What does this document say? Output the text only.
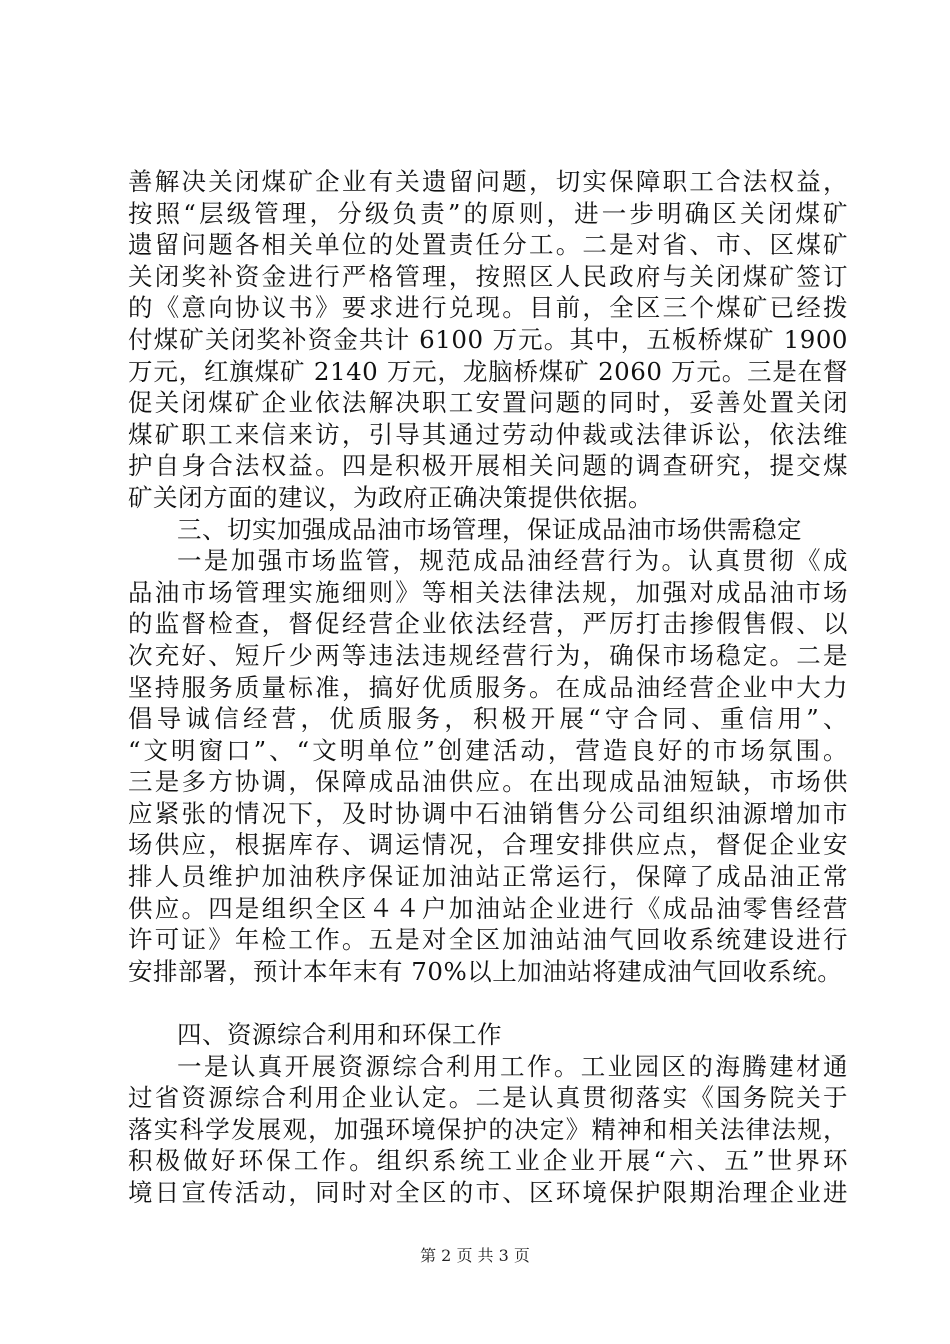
善解决关闭煤矿企业有关遗留问题，切实保障职工合法权益，
按照“层级管理，分级负责”的原则，进一步明确区关闭煤矿
遗留问题各相关单位的处置责任分工。二是对省、市、区煤矿
关闭奖补资金进行严格管理，按照区人民政府与关闭煤矿签订
的《意向协议书》要求进行兑现。目前，全区三个煤矿已经拨
付煤矿关闭奖补资金共计 6100 万元。其中，五板桥煤矿 1900
万元，红旗煤矿 2140 万元，龙脑桥煤矿 2060 万元。三是在督
促关闭煤矿企业依法解决职工安置问题的同时，妥善处置关闭
煤矿职工来信来访，引导其通过劳动仲裁或法律诉讼，依法维
护自身合法权益。四是积极开展相关问题的调查研究，提交煤
矿关闭方面的建议，为政府正确决策提供依据。
三、切实加强成品油市场管理，保证成品油市场供需稳定
一是加强市场监管，规范成品油经营行为。认真贯彻《成
品油市场管理实施细则》等相关法律法规，加强对成品油市场
的监督检查，督促经营企业依法经营，严厉打击掺假售假、以
次充好、短斤少两等违法违规经营行为，确保市场稳定。二是
坚持服务质量标准，搞好优质服务。在成品油经营企业中大力
倡导诚信经营，优质服务，积极开展“守合同、重信用”、
“文明窗口”、“文明单位”创建活动，营造良好的市场氛围。
三是多方协调，保障成品油供应。在出现成品油短缺，市场供
应紧张的情况下，及时协调中石油销售分公司组织油源增加市
场供应，根据库存、调运情况，合理安排供应点，督促企业安
排人员维护加油秩序保证加油站正常运行，保障了成品油正常
供应。四是组织全区４４户加油站企业进行《成品油零售经营
许可证》年检工作。五是对全区加油站油气回收系统建设进行
安排部署，预计本年末有 70%以上加油站将建成油气回收系统。
四、资源综合利用和环保工作
一是认真开展资源综合利用工作。工业园区的海腾建材通
过省资源综合利用企业认定。二是认真贯彻落实《国务院关于
落实科学发展观，加强环境保护的决定》精神和相关法律法规，
积极做好环保工作。组织系统工业企业开展“六、五”世界环
境日宣传活动，同时对全区的市、区环境保护限期治理企业进
第 2 页 共 3 页
